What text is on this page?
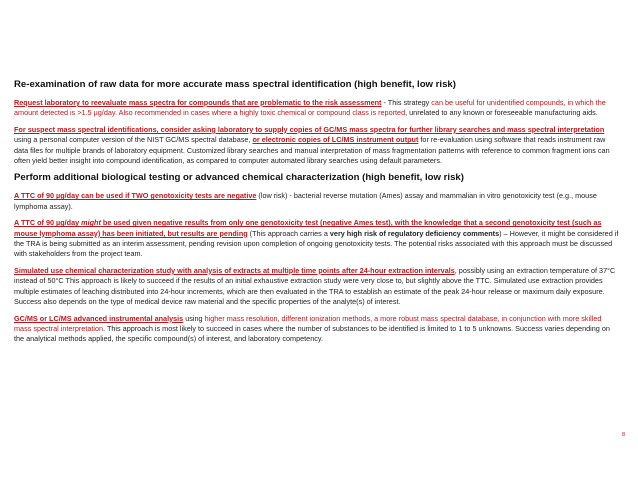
Re-examination of raw data for more accurate mass spectral identification (high benefit, low risk)

Request laboratory to reevaluate mass spectra for compounds that are problematic to the risk assessment - This strategy can be useful for unidentified compounds, in which the amount detected is >1.5 µg/day. Also recommended in cases where a highly toxic chemical or compound class is reported, unrelated to any known or foreseeable manufacturing aids.

For suspect mass spectral identifications, consider asking laboratory to supply copies of GC/MS mass spectra for further library searches and mass spectral interpretation using a personal computer version of the NIST GC/MS spectral database, or electronic copies of LC/MS instrument output for re-evaluation using software that reads instrument raw data files for multiple brands of laboratory equipment. Customized library searches and manual interpretation of mass fragmentation patterns with reference to common fragment ions can often yield better insight into compound identification, as compared to computer automated library searches using default parameters.

Perform additional biological testing or advanced chemical characterization (high benefit, low risk)

A TTC of 90 µg/day can be used if TWO genotoxicity tests are negative (low risk) - bacterial reverse mutation (Ames) assay and mammalian in vitro genotoxicity test (e.g., mouse lymphoma assay).

A TTC of 90 µg/day might be used given negative results from only one genotoxicity test (negative Ames test), with the knowledge that a second genotoxicity test (such as mouse lymphoma assay) has been initiated, but results are pending (This approach carries a very high risk of regulatory deficiency comments) – However, it might be considered if the TRA is being submitted as an interim assessment, pending revision upon completion of ongoing genotoxicity tests. The potential risks associated with this approach must be discussed with stakeholders from the project team.

Simulated use chemical characterization study with analysis of extracts at multiple time points after 24-hour extraction intervals, possibly using an extraction temperature of 37°C instead of 50°C This approach is likely to succeed if the results of an initial exhaustive extraction study were very close to, but slightly above the TTC. Simulated use extraction provides multiple estimates of leaching distributed into 24-hour increments, which are then evaluated in the TRA to establish an estimate of the peak 24-hour release or maximum daily exposure. Success also depends on the type of medical device raw material and the specific properties of the analyte(s) of interest.

GC/MS or LC/MS advanced instrumental analysis using higher mass resolution, different ionization methods, a more robust mass spectral database, in conjunction with more skilled mass spectral interpretation. This approach is most likely to succeed in cases where the number of substances to be identified is limited to 1 to 5 unknowns. Success varies depending on the analytical methods applied, the specific compound(s) of interest, and laboratory competency.

8
